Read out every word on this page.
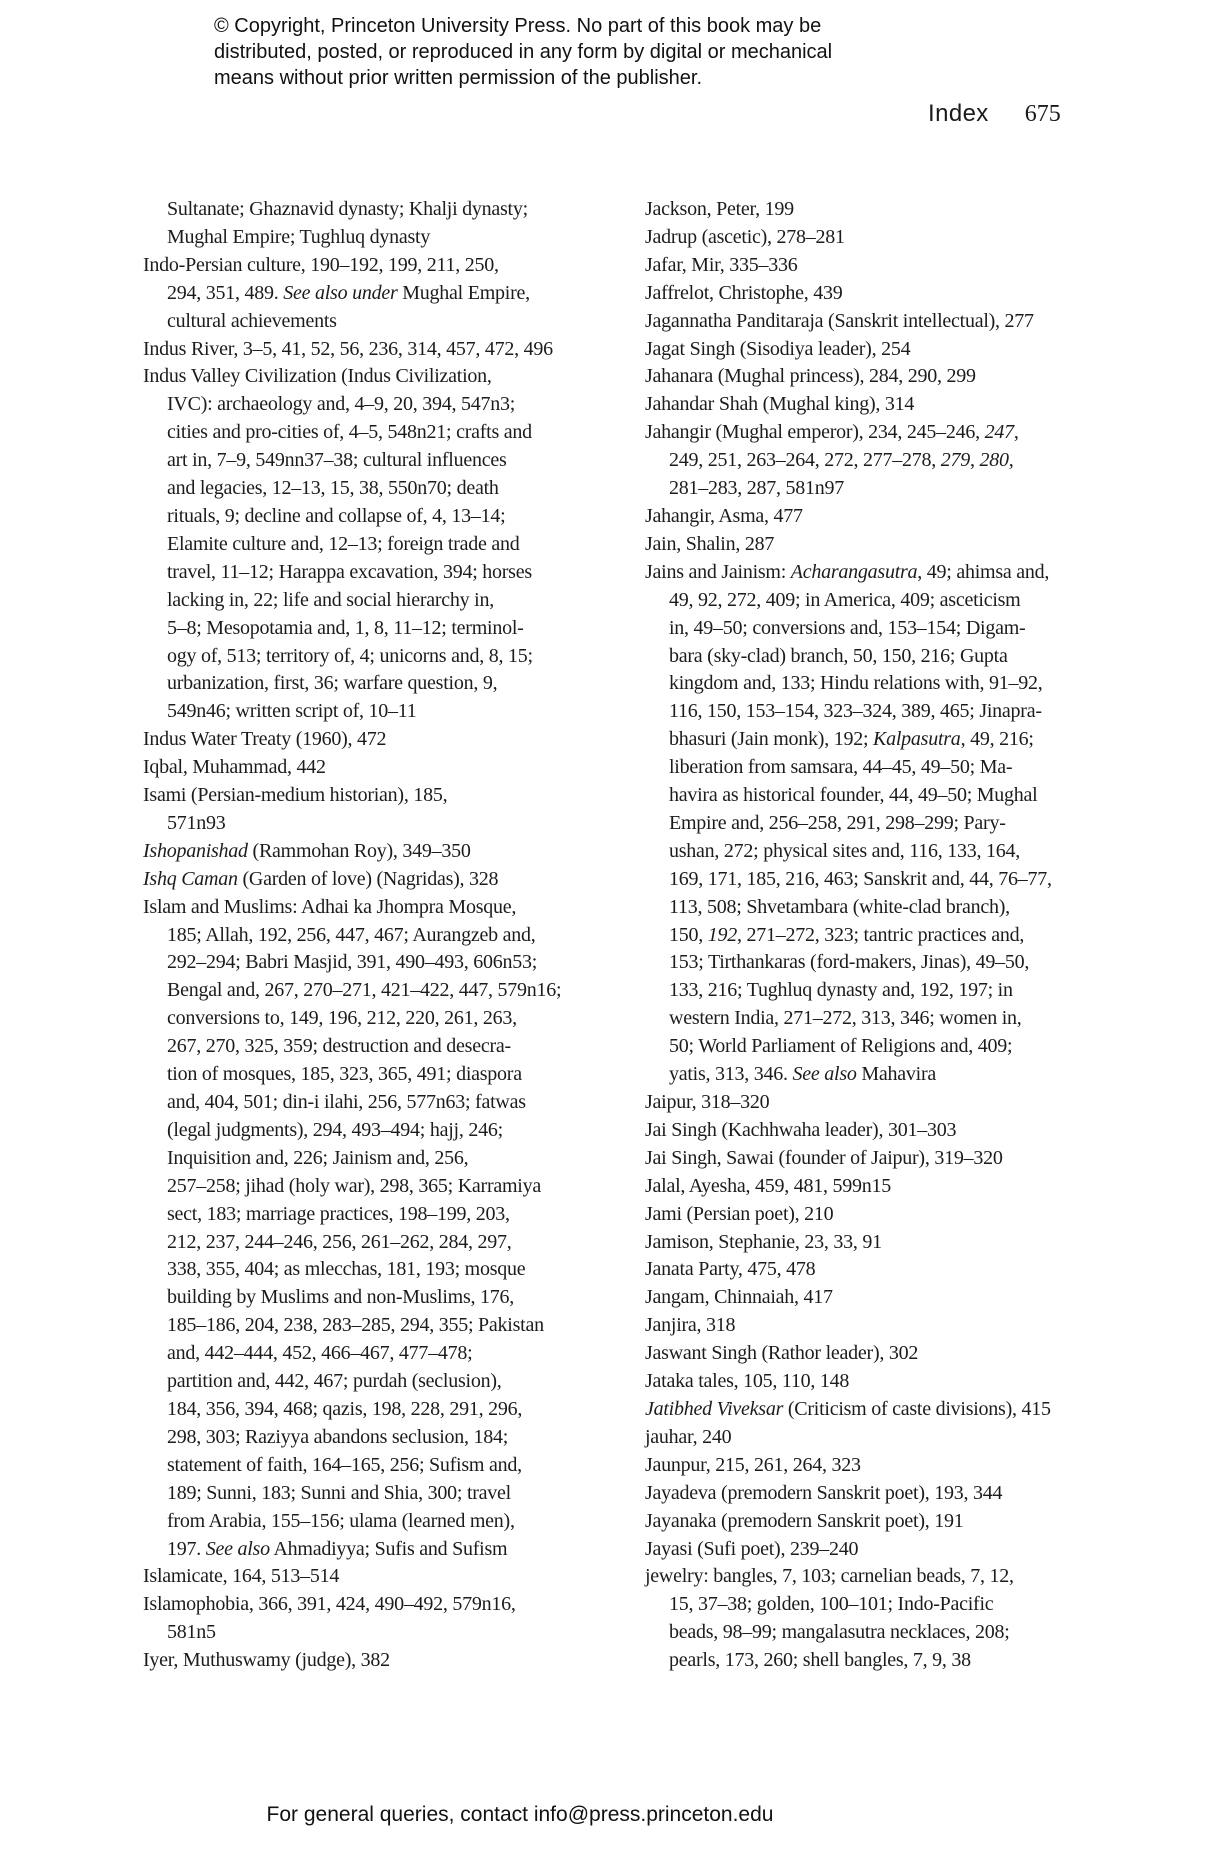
© Copyright, Princeton University Press. No part of this book may be
distributed, posted, or reproduced in any form by digital or mechanical
means without prior written permission of the publisher.
Index 675
Sultanate; Ghaznavid dynasty; Khalji dynasty;
Mughal Empire; Tughluq dynasty
Indo-Persian culture, 190–192, 199, 211, 250,
294, 351, 489. See also under Mughal Empire,
cultural achievements
Indus River, 3–5, 41, 52, 56, 236, 314, 457, 472, 496
Indus Valley Civilization (Indus Civilization,
IVC): archaeology and, 4–9, 20, 394, 547n3;
cities and pro-cities of, 4–5, 548n21; crafts and
art in, 7–9, 549nn37–38; cultural influences
and legacies, 12–13, 15, 38, 550n70; death
rituals, 9; decline and collapse of, 4, 13–14;
Elamite culture and, 12–13; foreign trade and
travel, 11–12; Harappa excavation, 394; horses
lacking in, 22; life and social hierarchy in,
5–8; Mesopotamia and, 1, 8, 11–12; terminol-
ogy of, 513; territory of, 4; unicorns and, 8, 15;
urbanization, first, 36; warfare question, 9,
549n46; written script of, 10–11
Indus Water Treaty (1960), 472
Iqbal, Muhammad, 442
Isami (Persian-medium historian), 185,
571n93
Ishopanishad (Rammohan Roy), 349–350
Ishq Caman (Garden of love) (Nagridas), 328
Islam and Muslims: Adhai ka Jhompra Mosque,
185; Allah, 192, 256, 447, 467; Aurangzeb and,
292–294; Babri Masjid, 391, 490–493, 606n53;
Bengal and, 267, 270–271, 421–422, 447, 579n16;
conversions to, 149, 196, 212, 220, 261, 263,
267, 270, 325, 359; destruction and desecra-
tion of mosques, 185, 323, 365, 491; diaspora
and, 404, 501; din-i ilahi, 256, 577n63; fatwas
(legal judgments), 294, 493–494; hajj, 246;
Inquisition and, 226; Jainism and, 256,
257–258; jihad (holy war), 298, 365; Karramiya
sect, 183; marriage practices, 198–199, 203,
212, 237, 244–246, 256, 261–262, 284, 297,
338, 355, 404; as mlecchas, 181, 193; mosque
building by Muslims and non-Muslims, 176,
185–186, 204, 238, 283–285, 294, 355; Pakistan
and, 442–444, 452, 466–467, 477–478;
partition and, 442, 467; purdah (seclusion),
184, 356, 394, 468; qazis, 198, 228, 291, 296,
298, 303; Raziyya abandons seclusion, 184;
statement of faith, 164–165, 256; Sufism and,
189; Sunni, 183; Sunni and Shia, 300; travel
from Arabia, 155–156; ulama (learned men),
197. See also Ahmadiyya; Sufis and Sufism
Islamicate, 164, 513–514
Islamophobia, 366, 391, 424, 490–492, 579n16,
581n5
Iyer, Muthuswamy (judge), 382
Jackson, Peter, 199
Jadrup (ascetic), 278–281
Jafar, Mir, 335–336
Jaffrelot, Christophe, 439
Jagannatha Panditaraja (Sanskrit intellectual), 277
Jagat Singh (Sisodiya leader), 254
Jahanara (Mughal princess), 284, 290, 299
Jahandar Shah (Mughal king), 314
Jahangir (Mughal emperor), 234, 245–246, 247,
249, 251, 263–264, 272, 277–278, 279, 280,
281–283, 287, 581n97
Jahangir, Asma, 477
Jain, Shalin, 287
Jains and Jainism: Acharangasutra, 49; ahimsa and,
49, 92, 272, 409; in America, 409; asceticism
in, 49–50; conversions and, 153–154; Digam-
bara (sky-clad) branch, 50, 150, 216; Gupta
kingdom and, 133; Hindu relations with, 91–92,
116, 150, 153–154, 323–324, 389, 465; Jinapra-
bhasuri (Jain monk), 192; Kalpasutra, 49, 216;
liberation from samsara, 44–45, 49–50; Ma-
havira as historical founder, 44, 49–50; Mughal
Empire and, 256–258, 291, 298–299; Pary-
ushan, 272; physical sites and, 116, 133, 164,
169, 171, 185, 216, 463; Sanskrit and, 44, 76–77,
113, 508; Shvetambara (white-clad branch),
150, 192, 271–272, 323; tantric practices and,
153; Tirthankaras (ford-makers, Jinas), 49–50,
133, 216; Tughluq dynasty and, 192, 197; in
western India, 271–272, 313, 346; women in,
50; World Parliament of Religions and, 409;
yatis, 313, 346. See also Mahavira
Jaipur, 318–320
Jai Singh (Kachhwaha leader), 301–303
Jai Singh, Sawai (founder of Jaipur), 319–320
Jalal, Ayesha, 459, 481, 599n15
Jami (Persian poet), 210
Jamison, Stephanie, 23, 33, 91
Janata Party, 475, 478
Jangam, Chinnaiah, 417
Janjira, 318
Jaswant Singh (Rathor leader), 302
Jataka tales, 105, 110, 148
Jatibhed Viveksar (Criticism of caste divisions), 415
jauhar, 240
Jaunpur, 215, 261, 264, 323
Jayadeva (premodern Sanskrit poet), 193, 344
Jayanaka (premodern Sanskrit poet), 191
Jayasi (Sufi poet), 239–240
jewelry: bangles, 7, 103; carnelian beads, 7, 12,
15, 37–38; golden, 100–101; Indo-Pacific
beads, 98–99; mangalasutra necklaces, 208;
pearls, 173, 260; shell bangles, 7, 9, 38
For general queries, contact info@press.princeton.edu
